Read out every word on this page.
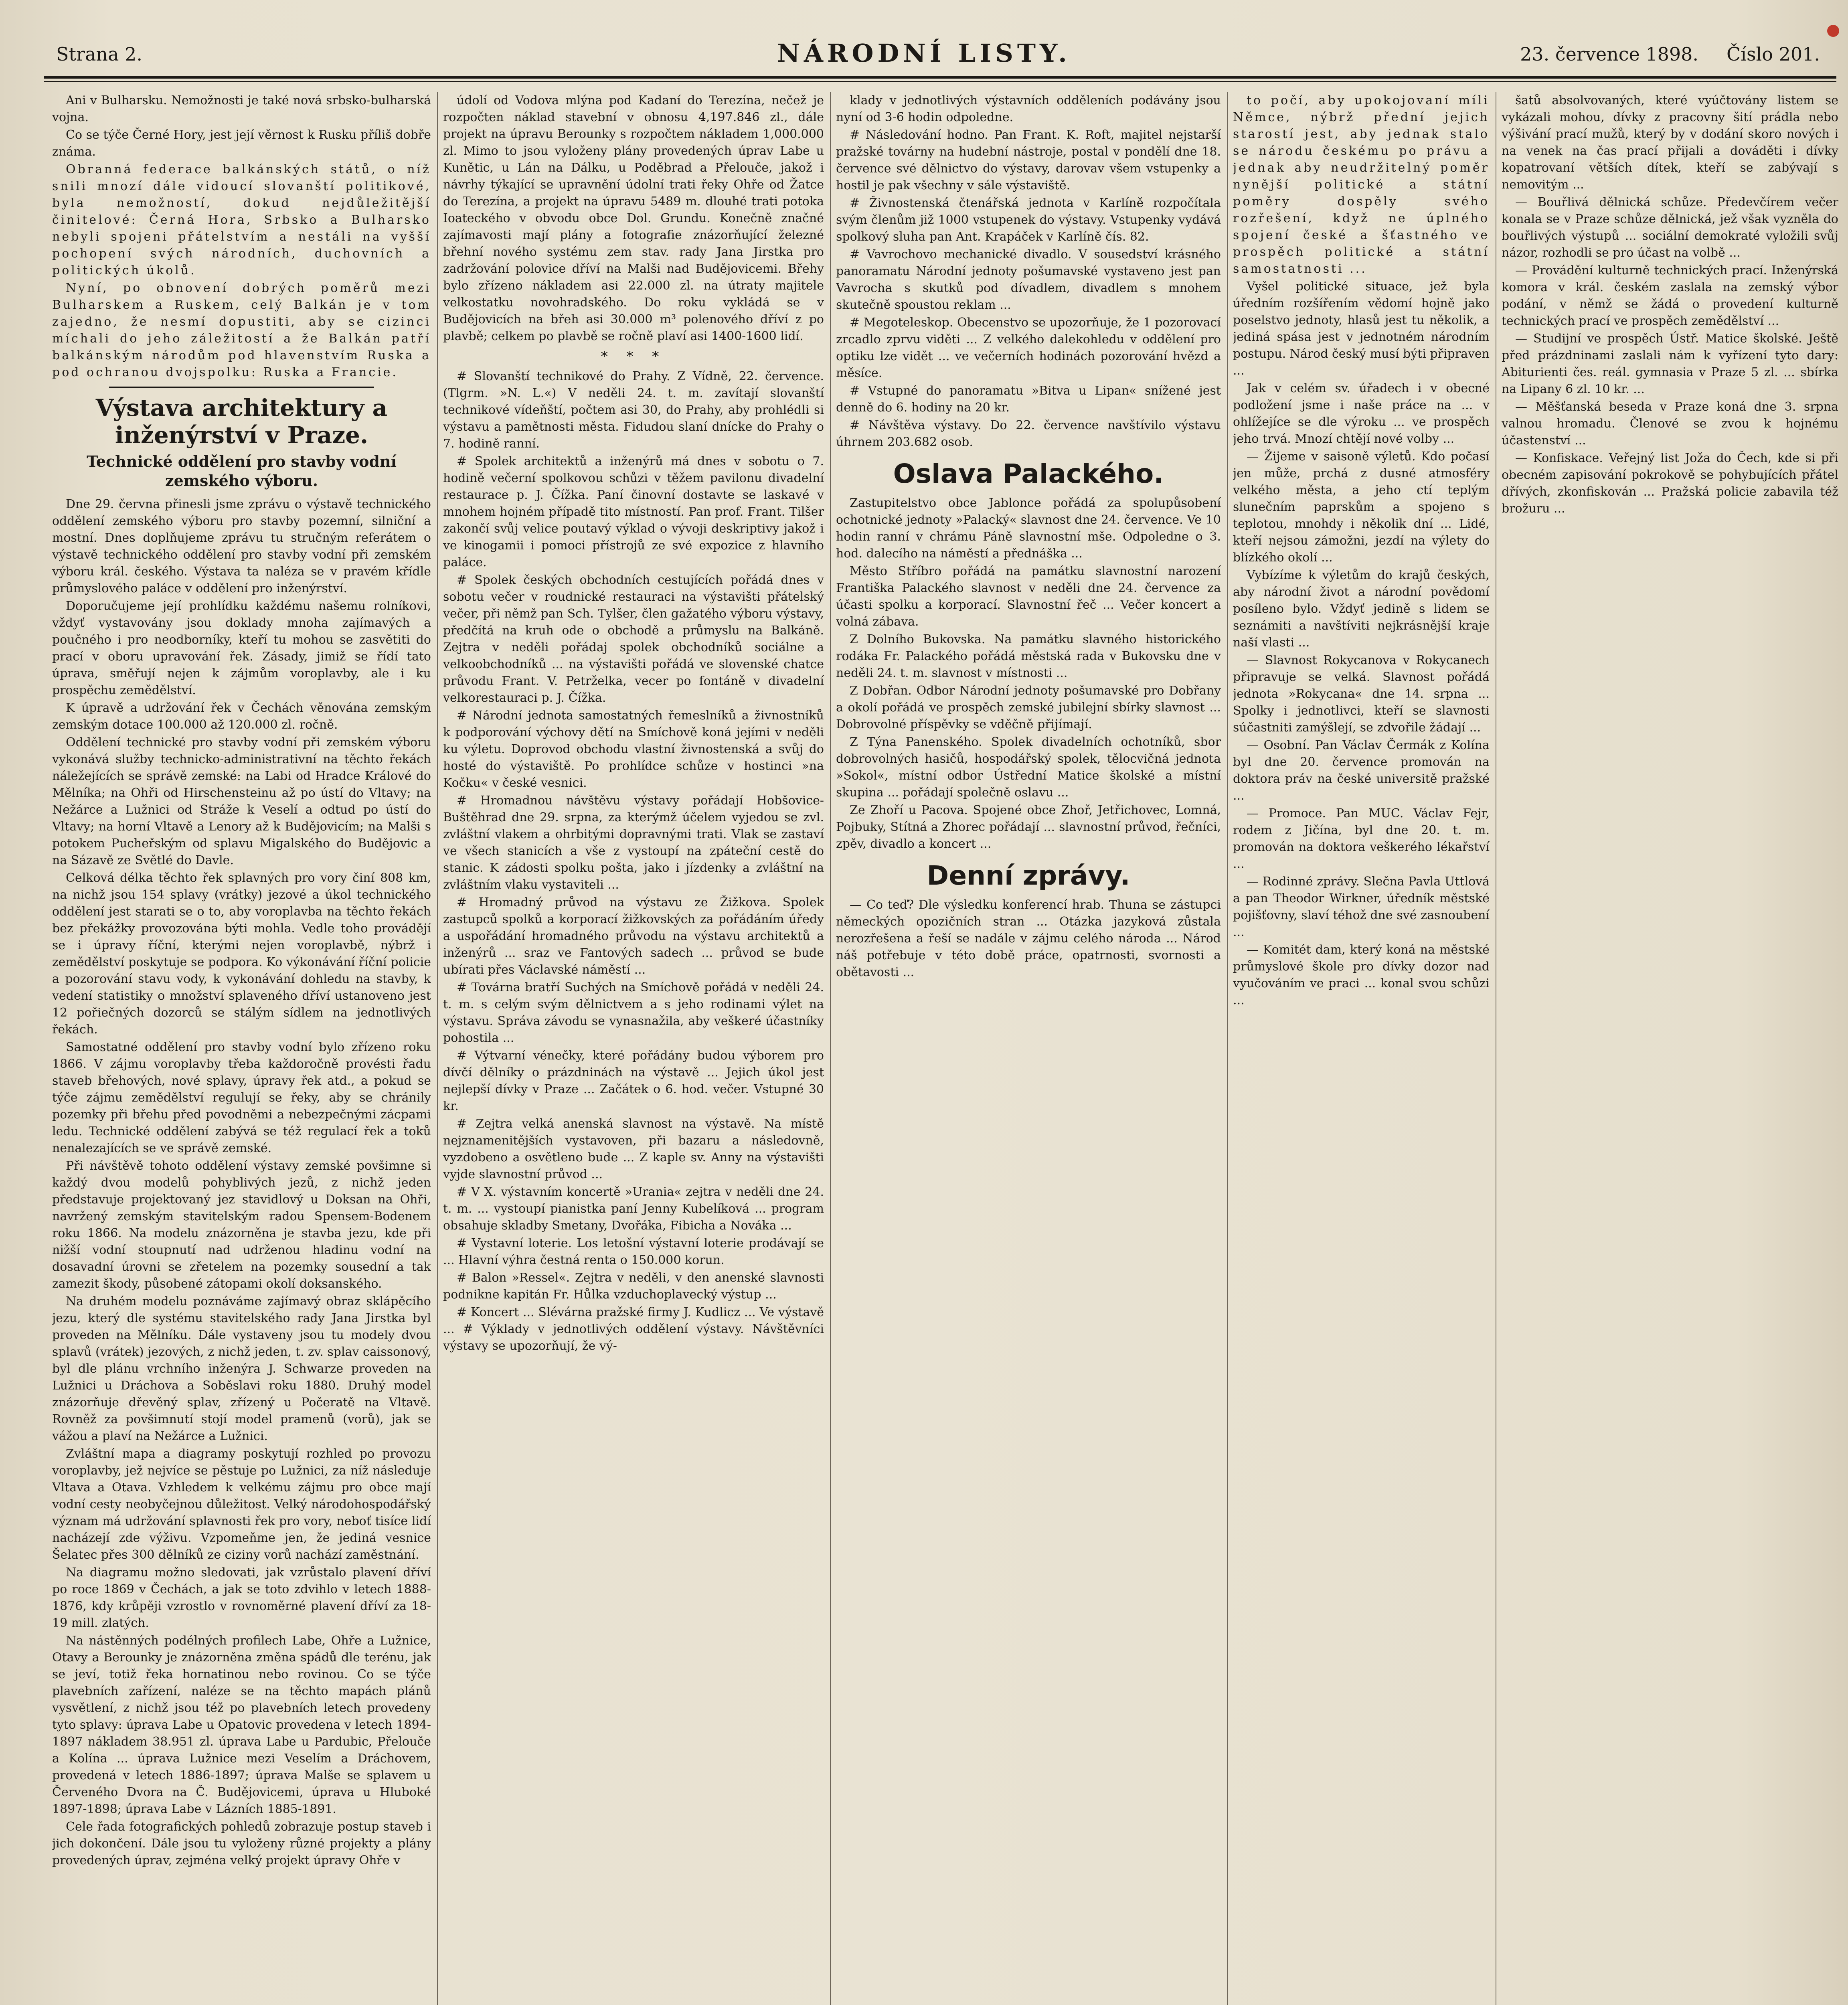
Strana 2.	NÁRODNÍ LISTY.	23. července 1898. Číslo 201.

Ani v Bulharsku. Nemožnosti je také nová srbsko-bulharská vojna.

Co se týče Černé Hory, jest její věrnost k Rusku příliš dobře známa.

Obranná federace balkánských států, o níž snili mnozí dále vidoucí slovanští politikové, byla nemožností, dokud nejdůležitější činitelové: Černá Hora, Srbsko a Bulharsko nebyli spojeni přátelstvím a nestáli na vyšší pochopení svých národních, duchovních a politických úkolů.

Nyní, po obnovení dobrých poměrů mezi Bulharskem a Ruskem, celý Balkán je v tom zajedno, že nesmí dopustiti, aby se cizinci míchali do jeho záležitostí a že Balkán patří balkánským národům pod hlavenstvím Ruska a pod ochranou dvojspolku: Ruska a Francie.

Výstava architektury a inženýrství v Praze.
Technické oddělení pro stavby vodní zemského výboru.

Dne 29. června přinesli jsme zprávu o výstavě technického oddělení zemského výboru pro stavby pozemní, silniční a mostní. Dnes doplňujeme zprávu tu stručným referátem o výstavě technického oddělení pro stavby vodní při zemském výboru král. českého. Výstava ta naléza se v pravém křídle průmyslového paláce v oddělení pro inženýrství.

Doporučujeme její prohlídku každému našemu rolníkovi, vždyť vystavovány jsou doklady mnoha zajímavých a poučného i pro neodborníky, kteří tu mohou se zasvětiti do prací v oboru upravování řek. Zásady, jimiž se řídí tato úprava, směřují nejen k zájmům voroplavby, ale i ku prospěchu zemědělství.

K úpravě a udržování řek v Čechách věnována zemským zemským dotace 100.000 až 120.000 zl. ročně.

Oddělení technické pro stavby vodní při zemském výboru vykonává služby technicko-administrativní na těchto řekách náležejících se správě zemské: na Labi od Hradce Králové do Mělníka; na Ohři od Hirschensteinu až po ústí do Vltavy; na Nežárce a Lužnici od Stráže k Veselí a odtud po ústí do Vltavy; na horní Vltavě a Lenory až k Budějovicím; na Malši s potokem Pucheřským od splavu Migalského do Budějovic a na Sázavě ze Světlé do Davle.

Celková délka těchto řek splavných pro vory činí 808 km, na nichž jsou 154 splavy (vrátky) jezové a úkol technického oddělení jest starati se o to, aby voroplavba na těchto řekách bez překážky provozována býti mohla. Vedle toho provádějí se i úpravy říční, kterými nejen voroplavbě, nýbrž i zemědělství poskytuje se podpora. Ko výkonávání říční policie a pozorování stavu vody, k vykonávání dohledu na stavby, k vedení statistiky o množství splaveného dříví ustanoveno jest 12 pořiečných dozorců se stálým sídlem na jednotlivých řekách.

Samostatné oddělení pro stavby vodní bylo zřízeno roku 1866. V zájmu voroplavby třeba každoročně provésti řadu staveb břehových, nové splavy, úpravy řek atd., a pokud se týče zájmu zemědělství regulují se řeky, aby se chránily pozemky při břehu před povodněmi a nebezpečnými zácpami ledu. Technické oddělení zabývá se též regulací řek a toků nenalezajících se ve správě zemské.

Při návštěvě tohoto oddělení výstavy zemské povšimne si každý dvou modelů pohyblivých jezů, z nichž jeden představuje projektovaný jez stavidlový u Doksan na Ohři, navržený zemským stavitelským radou Spensem-Bodenem roku 1866. Na modelu znázorněna je stavba jezu, kde při nižší vodní stoupnutí nad udrženou hladinu vodní na dosavadní úrovni se zřetelem na pozemky sousední a tak zamezit škody, působené zátopami okolí doksanského.

Na druhém modelu poznáváme zajímavý obraz sklápěcího jezu, který dle systému stavitelského rady Jana Jirstka byl proveden na Mělníku. Dále vystaveny jsou tu modely dvou splavů (vrátek) jezových, z nichž jeden, t. zv. splav caissonový, byl dle plánu vrchního inženýra J. Schwarze proveden na Lužnici u Dráchova a Soběslavi roku 1880. Druhý model znázorňuje dřevěný splav, zřízený u Počeratě na Vltavě. Rovněž za povšimnutí stojí model pramenů (vorů), jak se vážou a plaví na Nežárce a Lužnici.

Zvláštní mapa a diagramy poskytují rozhled po provozu voroplavby, jež nejvíce se pěstuje po Lužnici, za níž následuje Vltava a Otava. Vzhledem k velkému zájmu pro obce mají vodní cesty neobyčejnou důležitost. Velký národohospodářský význam má udržování splavnosti řek pro vory, neboť tisíce lidí nacházejí zde výživu. Vzpomeňme jen, že jediná vesnice Šelatec přes 300 dělníků ze ciziny vorů nachází zaměstnání.

Na diagramu možno sledovati, jak vzrůstalo plavení dříví po roce 1869 v Čechách, a jak se toto zdvihlo v letech 1888-1876, kdy krůpěji vzrostlo v rovnoměrné plavení dříví za 18-19 mill. zlatých.

Na nástěnných podélných profilech Labe, Ohře a Lužnice, Otavy a Berounky je znázorněna změna spádů dle terénu, jak se jeví, totiž řeka hornatinou nebo rovinou. Co se týče plavebních zařízení, naléze se na těchto mapách plánů vysvětlení, z nichž jsou též po plavebních letech provedeny tyto splavy: úprava Labe u Opatovic provedena v letech 1894-1897 nákladem 38.951 zl. úprava Labe u Pardubic, Přelouče a Kolína ... úprava Lužnice mezi Veselím a Dráchovem, provedená v letech 1886-1897; úprava Malše se splavem u Červeného Dvora na Č. Budějovicemi, úprava u Hluboké 1897-1898; úprava Labe v Lázních 1885-1891.

Cele řada fotografických pohledů zobrazuje postup staveb i jich dokončení. Dále jsou tu vyloženy různé projekty a plány provedených úprav, zejména velký projekt úpravy Ohře v

údolí od Vodova mlýna pod Kadaní do Terezína, nečež je rozpočten náklad stavební v obnosu 4,197.846 zl., dále projekt na úpravu Berounky s rozpočtem nákladem 1,000.000 zl. Mimo to jsou vyloženy plány provedených úprav Labe u Kunětic, u Lán na Dálku, u Poděbrad a Přelouče, jakož i návrhy týkající se upravnění údolní trati řeky Ohře od Žatce do Terezína, a projekt na úpravu 5489 m. dlouhé trati potoka Ioateckého v obvodu obce Dol. Grundu. Konečně značné zajímavosti mají plány a fotografie znázorňující železné břehní nového systému zem stav. rady Jana Jirstka pro zadržování polovice dříví na Malši nad Budějovicemi. Břehy bylo zřízeno nákladem asi 22.000 zl. na útraty majitele velkostatku novohradského. Do roku vykládá se v Budějovicích na břeh asi 30.000 m³ polenového dříví z po plavbě; celkem po plavbě se ročně plaví asi 1400-1600 lidí.

* * *

# Slovanští technikové do Prahy. Z Vídně, 22. července. (Tlgrm. »N. L.«) V neděli 24. t. m. zavítají slovanští technikové vídeňští, počtem asi 30, do Prahy, aby prohlédli si výstavu a pamětnosti města. Fidudou slaní dnícke do Prahy o 7. hodině ranní.

# Spolek architektů a inženýrů má dnes v sobotu o 7. hodině večerní spolkovou schůzi v těžem pavilonu divadelní restaurace p. J. Čížka. Paní činovní dostavte se laskavé v mnohem hojném případě tito místností. Pan prof. Frant. Tilšer zakončí svůj velice poutavý výklad o vývoji deskriptivy jakož i ve kinogamii i pomoci přístrojů ze své expozice z hlavního paláce.

# Spolek českých obchodních cestujících pořádá dnes v sobotu večer v roudnické restauraci na výstavišti přátelský večer, při němž pan Sch. Tylšer, člen gažatého výboru výstavy, předčítá na kruh ode o obchodě a průmyslu na Balkáně. Zejtra v neděli pořádaj spolek obchodníků sociálne a velkoobchodníků ... na výstavišti pořádá ve slovenské chatce průvodu Frant. V. Petrželka, vecer po fontáně v divadelní velkorestauraci p. J. Čížka.

# Národní jednota samostatných řemeslníků a živnostníků k podporování výchovy dětí na Smíchově koná jejími v neděli ku výletu. Doprovod obchodu vlastní živnostenská a svůj do hosté do výstaviště. Po prohlídce schůze v hostinci »na Kočku« v české vesnici.

# Hromadnou návštěvu výstavy pořádají Hobšovice-Buštěhrad dne 29. srpna, za kterýmž účelem vyjedou se zvl. zvláštní vlakem a ohrbitými dopravnými trati. Vlak se zastaví ve všech stanicích a vše z vystoupí na zpáteční cestě do stanic. K zádosti spolku pošta, jako i jízdenky a zvláštní na zvláštním vlaku vystaviteli ...

# Hromadný průvod na výstavu ze Žižkova. Spolek zastupců spolků a korporací žižkovských za pořádáním úředy a uspořádání hromadného průvodu na výstavu architektů a inženýrů ... sraz ve Fantových sadech ... průvod se bude ubírati přes Václavské náměstí ...

# Továrna bratří Suchých na Smíchově pořádá v neděli 24. t. m. s celým svým dělnictvem a s jeho rodinami výlet na výstavu. Správa závodu se vynasnažila, aby veškeré účastníky pohostila ...

# Výtvarní vénečky, které pořádány budou výborem pro dívčí dělníky o prázdninách na výstavě ... Jejich úkol jest nejlepší dívky v Praze ... Začátek o 6. hod. večer. Vstupné 30 kr.

# Zejtra velká anenská slavnost na výstavě. Na místě nejznamenitějších vystavoven, při bazaru a následovně, vyzdobeno a osvětleno bude ... Z kaple sv. Anny na výstavišti vyjde slavnostní průvod ...

# V X. výstavním koncertě »Urania« zejtra v neděli dne 24. t. m. ... vystoupí pianistka paní Jenny Kubelíková ... program obsahuje skladby Smetany, Dvořáka, Fibicha a Nováka ...

# Vystavní loterie. Los letošní výstavní loterie prodávají se ... Hlavní výhra čestná renta o 150.000 korun.

# Balon »Ressel«. Zejtra v neděli, v den anenské slavnosti podnikne kapitán Fr. Hůlka vzduchoplavecký výstup ...

# Koncert ... Slévárna pražské firmy J. Kudlicz ... Ve výstavě ... # Výklady v jednotlivých oddělení výstavy. Návštěvníci výstavy se upozorňují, že vý-

klady v jednotlivých výstavních odděleních podávány jsou nyní od 3-6 hodin odpoledne.

# Následování hodno. Pan Frant. K. Roft, majitel nejstarší pražské továrny na hudební nástroje, postal v pondělí dne 18. července své dělnictvo do výstavy, darovav všem vstupenky a hostil je pak všechny v sále výstaviště.

# Živnostenská čtenářská jednota v Karlíně rozpočítala svým členům již 1000 vstupenek do výstavy. Vstupenky vydává spolkový sluha pan Ant. Krapáček v Karlíně čís. 82.

# Vavrochovo mechanické divadlo. V sousedství krásného panoramatu Národní jednoty pošumavské vystaveno jest pan Vavrocha s skutků pod dívadlem, divadlem s mnohem skutečně spoustou reklam ...

# Megoteleskop. Obecenstvo se upozorňuje, že 1 pozorovací zrcadlo zprvu viděti ... Z velkého dalekohledu v oddělení pro optiku lze vidět ... ve večerních hodinách pozorování hvězd a měsíce.

# Vstupné do panoramatu »Bitva u Lipan« snížené jest denně do 6. hodiny na 20 kr.

# Návštěva výstavy. Do 22. července navštívilo výstavu úhrnem 203.682 osob.

Oslava Palackého.

Zastupitelstvo obce Jablonce pořádá za spolupůsobení ochotnické jednoty »Palacký« slavnost dne 24. července. Ve 10 hodin ranní v chrámu Páně slavnostní mše. Odpoledne o 3. hod. dalecího na náměstí a přednáška ...

Město Stříbro pořádá na památku slavnostní narození Františka Palackého slavnost v neděli dne 24. července za účasti spolku a korporací. Slavnostní řeč ... Večer koncert a volná zábava.

Z Dolního Bukovska. Na památku slavného historického rodáka Fr. Palackého pořádá městská rada v Bukovsku dne v neděli 24. t. m. slavnost v místnosti ...

Z Dobřan. Odbor Národní jednoty pošumavské pro Dobřany a okolí pořádá ve prospěch zemské jubilejní sbírky slavnost ... Dobrovolné příspěvky se vděčně přijímají.

Z Týna Panenského. Spolek divadelních ochotníků, sbor dobrovolných hasičů, hospodářský spolek, tělocvičná jednota »Sokol«, místní odbor Ústřední Matice školské a místní skupina ... pořádají společně oslavu ...

Ze Zhoří u Pacova. Spojené obce Zhoř, Jetřichovec, Lomná, Pojbuky, Stítná a Zhorec pořádají ... slavnostní průvod, řečníci, zpěv, divadlo a koncert ...

Denní zprávy.

— Co teď? Dle výsledku konferencí hrab. Thuna se zástupci německých opozičních stran ... Otázka jazyková zůstala nerozřešena a řeší se nadále v zájmu celého národa ... Národ náš potřebuje v této době práce, opatrnosti, svornosti a obětavosti ...

to počí, aby upokojovaní míli Němce, nýbrž přední jejich starostí jest, aby jednak stalo se národu českému po právu a jednak aby neudržitelný poměr nynější politické a státní poměry dospěly svého rozřešení, když ne úplného spojení české a šťastného ve prospěch politické a státní samostatnosti ...

Vyšel politické situace, jež byla úředním rozšířením vědomí hojně jako poselstvo jednoty, hlasů jest tu několik, a jediná spása jest v jednotném národním postupu. Národ český musí býti připraven ...

Jak v celém sv. úřadech i v obecné podložení jsme i naše práce na ... v ohlížejíce se dle výroku ... ve prospěch jeho trvá. Mnozí chtějí nové volby ...

— Žijeme v saisoně výletů. Kdo počasí jen může, prchá z dusné atmosféry velkého města, a jeho ctí teplým slunečním paprskům a spojeno s teplotou, mnohdy i několik dní ... Lidé, kteří nejsou zámožni, jezdí na výlety do blízkého okolí ...

Vybízíme k výletům do krajů českých, aby národní život a národní povědomí posíleno bylo. Vždyť jedině s lidem se seznámiti a navštíviti nejkrásnější kraje naší vlasti ...

— Slavnost Rokycanova v Rokycanech připravuje se velká. Slavnost pořádá jednota »Rokycana« dne 14. srpna ... Spolky i jednotlivci, kteří se slavnosti súčastniti zamýšlejí, se zdvořile žádají ...

— Osobní. Pan Václav Čermák z Kolína byl dne 20. července promován na doktora práv na české universitě pražské ...

— Promoce. Pan MUC. Václav Fejr, rodem z Jičína, byl dne 20. t. m. promován na doktora veškerého lékařství ...

— Rodinné zprávy. Slečna Pavla Uttlová a pan Theodor Wirkner, úředník městské pojišťovny, slaví téhož dne své zasnoubení ...

— Komitét dam, který koná na městské průmyslové škole pro dívky dozor nad vyučováním ve praci ... konal svou schůzi ...

šatů absolvovaných, které vyúčtovány listem se vykázali mohou, dívky z pracovny šití prádla nebo výšivání prací mužů, který by v dodání skoro nových i na venek na čas prací přijali a dováděti i dívky kopatrovaní větších dítek, kteří se zabývají s nemovitým ...

— Bouřlivá dělnická schůze. Předevčírem večer konala se v Praze schůze dělnická, jež však vyzněla do bouřlivých výstupů ... sociální demokraté vyložili svůj názor, rozhodli se pro účast na volbě ...

— Provádění kulturně technických prací. Inženýrská komora v král. českém zaslala na zemský výbor podání, v němž se žádá o provedení kulturně technických prací ve prospěch zemědělství ...

— Studijní ve prospěch Ústř. Matice školské. Ještě před prázdninami zaslali nám k vyřízení tyto dary: Abiturienti čes. reál. gymnasia v Praze 5 zl. ... sbírka na Lipany 6 zl. 10 kr. ...

— Měšťanská beseda v Praze koná dne 3. srpna valnou hromadu. Členové se zvou k hojnému účastenství ...

— Konfiskace. Veřejný list Joža do Čech, kde si při obecném zapisování pokrokově se pohybujících přátel dřívých, zkonfiskován ... Pražská policie zabavila též brožuru ...
